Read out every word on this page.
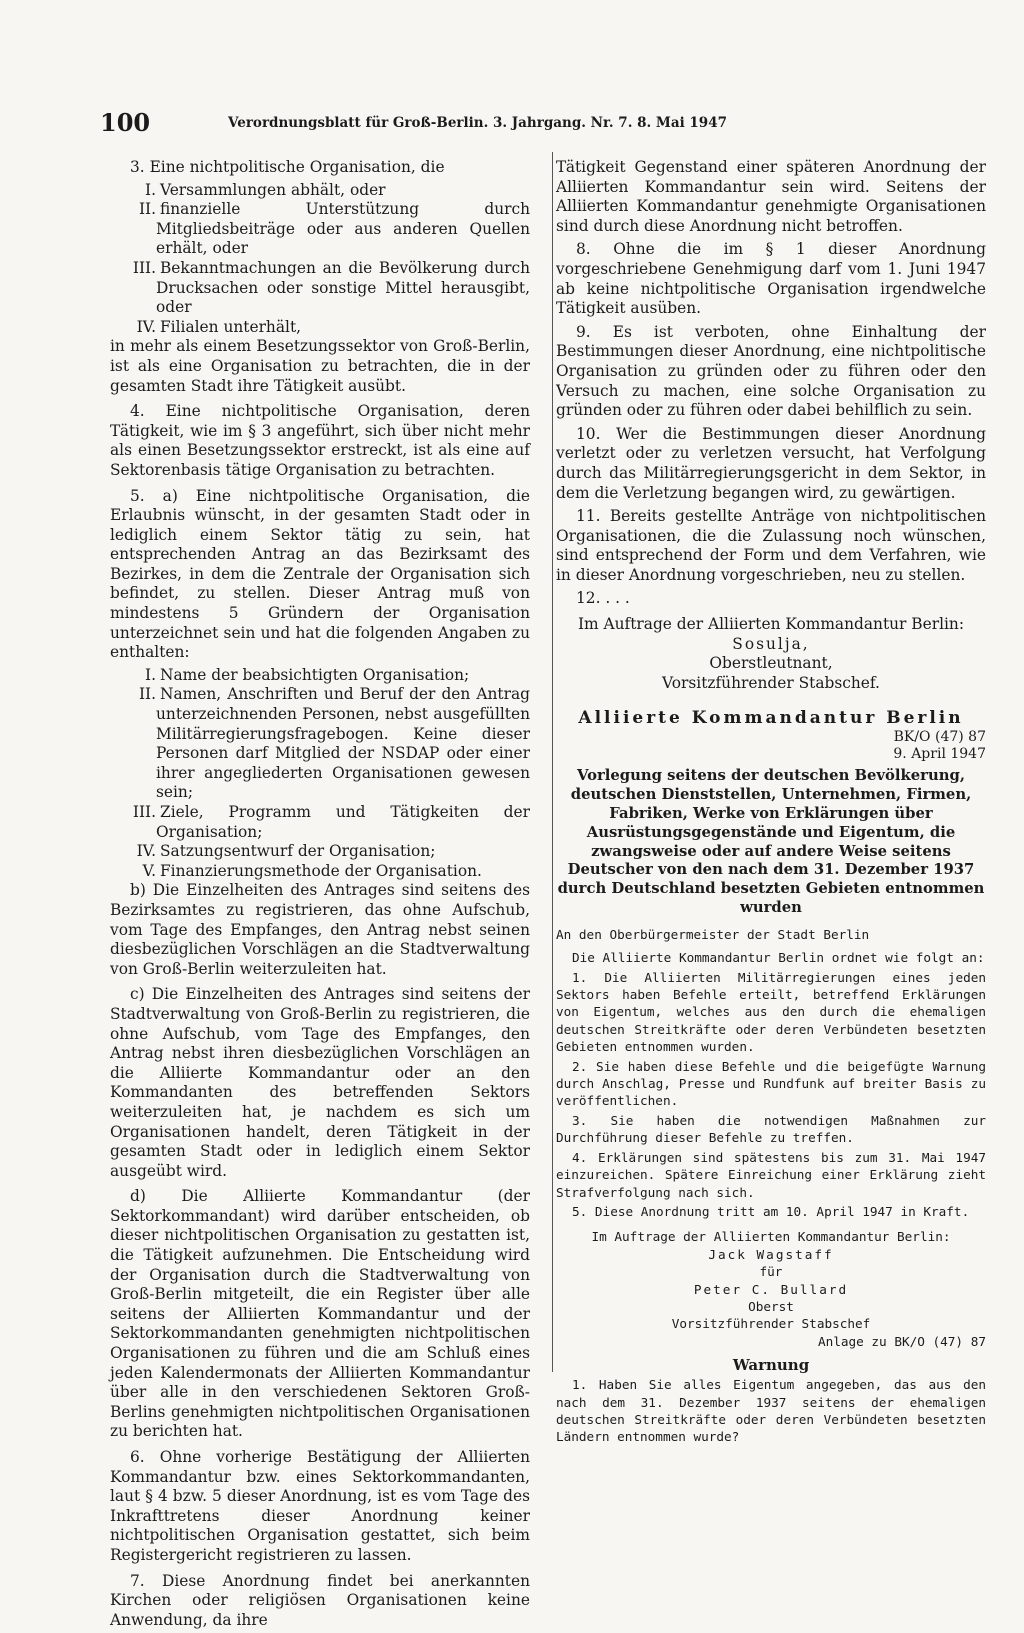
100	Verordnungsblatt für Groß-Berlin. 3. Jahrgang. Nr. 7. 8. Mai 1947

3. Eine nichtpolitische Organisation, die

I. Versammlungen abhält, oder
II. finanzielle Unterstützung durch Mitgliedsbeiträge oder aus anderen Quellen erhält, oder
III. Bekanntmachungen an die Bevölkerung durch Drucksachen oder sonstige Mittel herausgibt, oder
IV. Filialen unterhält,

in mehr als einem Besetzungssektor von Groß-Berlin, ist als eine Organisation zu betrachten, die in der gesamten Stadt ihre Tätigkeit ausübt.

4. Eine nichtpolitische Organisation, deren Tätigkeit, wie im § 3 angeführt, sich über nicht mehr als einen Besetzungssektor erstreckt, ist als eine auf Sektorenbasis tätige Organisation zu betrachten.

5. a) Eine nichtpolitische Organisation, die Erlaubnis wünscht, in der gesamten Stadt oder in lediglich einem Sektor tätig zu sein, hat entsprechenden Antrag an das Bezirksamt des Bezirkes, in dem die Zentrale der Organisation sich befindet, zu stellen. Dieser Antrag muß von mindestens 5 Gründern der Organisation unterzeichnet sein und hat die folgenden Angaben zu enthalten:

I. Name der beabsichtigten Organisation;
II. Namen, Anschriften und Beruf der den Antrag unterzeichnenden Personen, nebst ausgefüllten Militärregierungsfragebogen. Keine dieser Personen darf Mitglied der NSDAP oder einer ihrer angegliederten Organisationen gewesen sein;
III. Ziele, Programm und Tätigkeiten der Organisation;
IV. Satzungsentwurf der Organisation;
V. Finanzierungsmethode der Organisation.

b) Die Einzelheiten des Antrages sind seitens des Bezirksamtes zu registrieren, das ohne Aufschub, vom Tage des Empfanges, den Antrag nebst seinen diesbezüglichen Vorschlägen an die Stadtverwaltung von Groß-Berlin weiterzuleiten hat.

c) Die Einzelheiten des Antrages sind seitens der Stadtverwaltung von Groß-Berlin zu registrieren, die ohne Aufschub, vom Tage des Empfanges, den Antrag nebst ihren diesbezüglichen Vorschlägen an die Alliierte Kommandantur oder an den Kommandanten des betreffenden Sektors weiterzuleiten hat, je nachdem es sich um Organisationen handelt, deren Tätigkeit in der gesamten Stadt oder in lediglich einem Sektor ausgeübt wird.

d) Die Alliierte Kommandantur (der Sektorkommandant) wird darüber entscheiden, ob dieser nichtpolitischen Organisation zu gestatten ist, die Tätigkeit aufzunehmen. Die Entscheidung wird der Organisation durch die Stadtverwaltung von Groß-Berlin mitgeteilt, die ein Register über alle seitens der Alliierten Kommandantur und der Sektorkommandanten genehmigten nichtpolitischen Organisationen zu führen und die am Schluß eines jeden Kalendermonats der Alliierten Kommandantur über alle in den verschiedenen Sektoren Groß-Berlins genehmigten nichtpolitischen Organisationen zu berichten hat.

6. Ohne vorherige Bestätigung der Alliierten Kommandantur bzw. eines Sektorkommandanten, laut § 4 bzw. 5 dieser Anordnung, ist es vom Tage des Inkrafttretens dieser Anordnung keiner nichtpolitischen Organisation gestattet, sich beim Registergericht registrieren zu lassen.

7. Diese Anordnung findet bei anerkannten Kirchen oder religiösen Organisationen keine Anwendung, da ihre

Tätigkeit Gegenstand einer späteren Anordnung der Alliierten Kommandantur sein wird. Seitens der Alliierten Kommandantur genehmigte Organisationen sind durch diese Anordnung nicht betroffen.

8. Ohne die im § 1 dieser Anordnung vorgeschriebene Genehmigung darf vom 1. Juni 1947 ab keine nichtpolitische Organisation irgendwelche Tätigkeit ausüben.

9. Es ist verboten, ohne Einhaltung der Bestimmungen dieser Anordnung, eine nichtpolitische Organisation zu gründen oder zu führen oder den Versuch zu machen, eine solche Organisation zu gründen oder zu führen oder dabei behilflich zu sein.

10. Wer die Bestimmungen dieser Anordnung verletzt oder zu verletzen versucht, hat Verfolgung durch das Militärregierungsgericht in dem Sektor, in dem die Verletzung begangen wird, zu gewärtigen.

11. Bereits gestellte Anträge von nichtpolitischen Organisationen, die die Zulassung noch wünschen, sind entsprechend der Form und dem Verfahren, wie in dieser Anordnung vorgeschrieben, neu zu stellen.

12. . . .

Im Auftrage der Alliierten Kommandantur Berlin:
Sosulja,
Oberstleutnant,
Vorsitzführender Stabschef.
Alliierte Kommandantur Berlin
BK/O (47) 87
9. April 1947
Vorlegung seitens der deutschen Bevölkerung, deutschen Dienststellen, Unternehmen, Firmen, Fabriken, Werke von Erklärungen über Ausrüstungsgegenstände und Eigentum, die zwangsweise oder auf andere Weise seitens Deutscher von den nach dem 31. Dezember 1937 durch Deutschland besetzten Gebieten entnommen wurden
An den Oberbürgermeister der Stadt Berlin
Die Alliierte Kommandantur Berlin ordnet wie folgt an:
1. Die Alliierten Militärregierungen eines jeden Sektors haben Befehle erteilt, betreffend Erklärungen von Eigentum, welches aus den durch die ehemaligen deutschen Streitkräfte oder deren Verbündeten besetzten Gebieten entnommen wurden.
2. Sie haben diese Befehle und die beigefügte Warnung durch Anschlag, Presse und Rundfunk auf breiter Basis zu veröffentlichen.
3. Sie haben die notwendigen Maßnahmen zur Durchführung dieser Befehle zu treffen.
4. Erklärungen sind spätestens bis zum 31. Mai 1947 einzureichen. Spätere Einreichung einer Erklärung zieht Strafverfolgung nach sich.
5. Diese Anordnung tritt am 10. April 1947 in Kraft.
Im Auftrage der Alliierten Kommandantur Berlin:
Jack Wagstaff
für
Peter C. Bullard
Oberst
Vorsitzführender Stabschef
Anlage zu BK/O (47) 87
Warnung
1. Haben Sie alles Eigentum angegeben, das aus den nach dem 31. Dezember 1937 seitens der ehemaligen deutschen Streitkräfte oder deren Verbündeten besetzten Ländern entnommen wurde?
